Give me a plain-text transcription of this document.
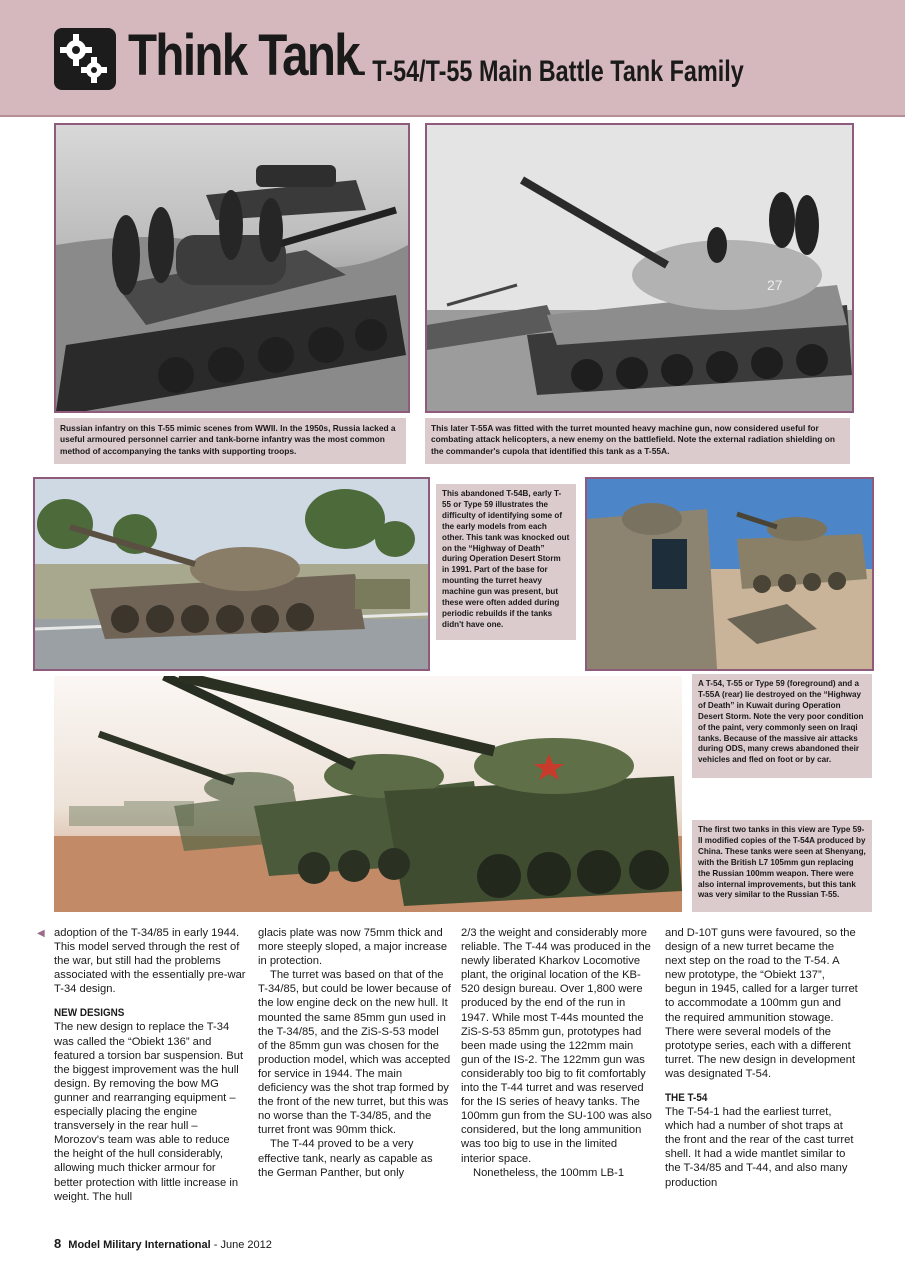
Think Tank
- T-54/T-55 Main Battle Tank Family
Russian infantry on this T-55 mimic scenes from WWII. In the 1950s, Russia lacked a useful armoured personnel carrier and tank-borne infantry was the most common method of accompanying the tanks with supporting troops.
27
This later T-55A was fitted with the turret mounted heavy machine gun, now considered useful for combating attack helicopters, a new enemy on the battlefield. Note the external radiation shielding on the commander's cupola that identified this tank as a T-55A.
This abandoned T-54B, early T-55 or Type 59 illustrates the difficulty of identifying some of the early models from each other. This tank was knocked out on the “Highway of Death” during Operation Desert Storm in 1991. Part of the base for mounting the turret heavy machine gun was present, but these were often added during periodic rebuilds if the tanks didn't have one.
A T-54, T-55 or Type 59 (foreground) and a T-55A (rear) lie destroyed on the “Highway of Death” in Kuwait during Operation Desert Storm. Note the very poor condition of the paint, very commonly seen on Iraqi tanks. Because of the massive air attacks during ODS, many crews abandoned their vehicles and fled on foot or by car.
The first two tanks in this view are Type 59-II modified copies of the T-54A produced by China. These tanks were seen at Shenyang, with the British L7 105mm gun replacing the Russian 100mm weapon. There were also internal improvements, but this tank was very similar to the Russian T-55.
◀ adoption of the T-34/85 in early 1944. This model served through the rest of the war, but still had the problems associated with the essentially pre-war T-34 design.

NEW DESIGNS

The new design to replace the T-34 was called the “Obiekt 136” and featured a torsion bar suspension. But the biggest improvement was the hull design. By removing the bow MG gunner and rearranging equipment – especially placing the engine transversely in the rear hull – Morozov's team was able to reduce the height of the hull considerably, allowing much thicker armour for better protection with little increase in weight. The hull

glacis plate was now 75mm thick and more steeply sloped, a major increase in protection.

The turret was based on that of the T-34/85, but could be lower because of the low engine deck on the new hull. It mounted the same 85mm gun used in the T-34/85, and the ZiS-S-53 model of the 85mm gun was chosen for the production model, which was accepted for service in 1944. The main deficiency was the shot trap formed by the front of the new turret, but this was no worse than the T-34/85, and the turret front was 90mm thick.

The T-44 proved to be a very effective tank, nearly as capable as the German Panther, but only

2/3 the weight and considerably more reliable. The T-44 was produced in the newly liberated Kharkov Locomotive plant, the original location of the KB-520 design bureau. Over 1,800 were produced by the end of the run in 1947. While most T-44s mounted the ZiS-S-53 85mm gun, prototypes had been made using the 122mm main gun of the IS-2. The 122mm gun was considerably too big to fit comfortably into the T-44 turret and was reserved for the IS series of heavy tanks. The 100mm gun from the SU-100 was also considered, but the long ammunition was too big to use in the limited interior space.

Nonetheless, the 100mm LB-1

and D-10T guns were favoured, so the design of a new turret became the next step on the road to the T-54. A new prototype, the “Obiekt 137”, begun in 1945, called for a larger turret to accommodate a 100mm gun and the required ammunition stowage. There were several models of the prototype series, each with a different turret. The new design in development was designated T-54.

THE T-54

The T-54-1 had the earliest turret, which had a number of shot traps at the front and the rear of the cast turret shell. It had a wide mantlet similar to the T-34/85 and T-44, and also many production

8 Model Military International - June 2012
